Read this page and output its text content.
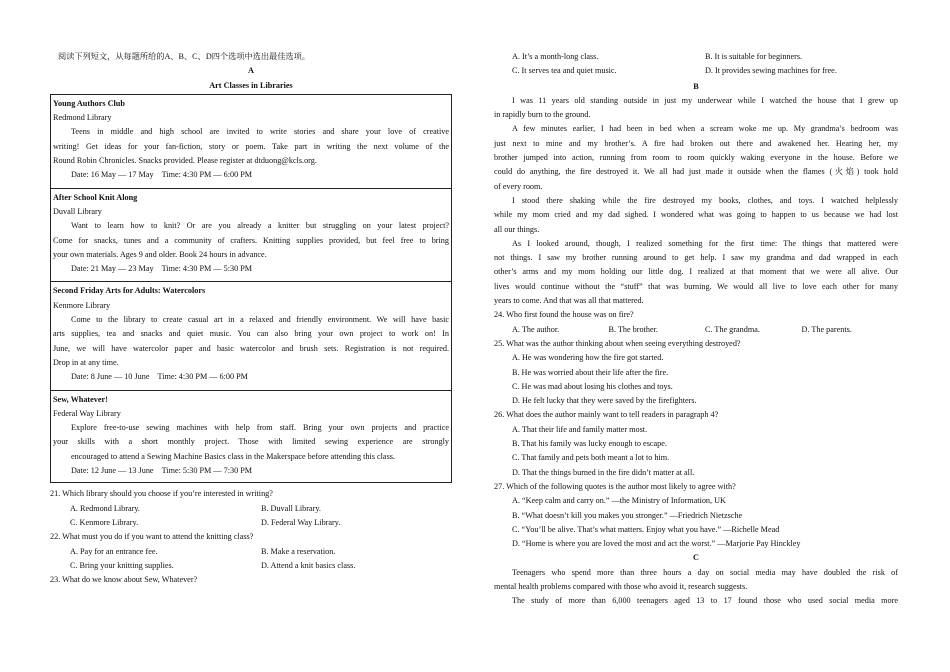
阅读下列短文，从每题所给的A、B、C、D四个选项中选出最佳选项。
A
Art Classes in Libraries
Young Authors Club
Redmond Library
Teens in middle and high school are invited to write stories and share your love of creative
writing! Get ideas for your fan-fiction, story or poem. Take part in writing the next volume of the
Round Robin Chronicles. Snacks provided. Please register at dtduong@kcls.org.
Date: 16 May — 17 May    Time: 4:30 PM — 6:00 PM
After School Knit Along
Duvall Library
Want to learn how to knit? Or are you already a knitter but struggling on your latest project?
Come for snacks, tunes and a community of crafters. Knitting supplies provided, but feel free to bring
your own materials. Ages 9 and older. Book 24 hours in advance.
Date: 21 May — 23 May    Time: 4:30 PM — 5:30 PM
Second Friday Arts for Adults: Watercolors
Kenmore Library
Come to the library to create casual art in a relaxed and friendly environment. We will have basic
arts supplies, tea and snacks and quiet music. You can also bring your own project to work on! In
June, we will have watercolor paper and basic watercolor and brush sets. Registration is not required.
Drop in at any time.
Date: 8 June — 10 June    Time: 4:30 PM — 6:00 PM
Sew, Whatever!
Federal Way Library
Explore free-to-use sewing machines with help from staff. Bring your own projects and practice
your skills with a short monthly project. Those with limited sewing experience are strongly
encouraged to attend a Sewing Machine Basics class in the Makerspace before attending this class.
Date: 12 June — 13 June    Time: 5:30 PM — 7:30 PM
21. Which library should you choose if you’re interested in writing?
A. Redmond Library.	B. Duvall Library.
C. Kenmore Library.	D. Federal Way Library.
22. What must you do if you want to attend the knitting class?
A. Pay for an entrance fee.	B. Make a reservation.
C. Bring your knitting supplies.	D. Attend a knit basics class.
23. What do we know about Sew, Whatever?
A. It’s a month-long class.	B. It is suitable for beginners.
C. It serves tea and quiet music.	D. It provides sewing machines for free.
B
I was 11 years old standing outside in just my underwear while I watched the house that I grew up
in rapidly burn to the ground.
A few minutes earlier, I had been in bed when a scream woke me up. My grandma’s bedroom was
just next to mine and my brother’s. A fire had broken out there and awakened her. Hearing her, my
brother jumped into action, running from room to room quickly waking everyone in the house. Before we
could do anything, the fire destroyed it. We all had just made it outside when the flames (火焰) took hold
of every room.
I stood there shaking while the fire destroyed my books, clothes, and toys. I watched helplessly
while my mom cried and my dad sighed. I wondered what was going to happen to us because we had lost
all our things.
As I looked around, though, I realized something for the first time: The things that mattered were
not things. I saw my brother running around to get help. I saw my grandma and dad wrapped in each
other’s arms and my mom holding our little dog. I realized at that moment that we were all alive. Our
lives would continue without the “stuff” that was burning. We would all live to love each other for many
years to come. And that was all that mattered.
24. Who first found the house was on fire?
A. The author.	B. The brother.	C. The grandma.	D. The parents.
25. What was the author thinking about when seeing everything destroyed?
A. He was wondering how the fire got started.
B. He was worried about their life after the fire.
C. He was mad about losing his clothes and toys.
D. He felt lucky that they were saved by the firefighters.
26. What does the author mainly want to tell readers in paragraph 4?
A. That their life and family matter most.
B. That his family was lucky enough to escape.
C. That family and pets both meant a lot to him.
D. That the things burned in the fire didn’t matter at all.
27. Which of the following quotes is the author most likely to agree with?
A. “Keep calm and carry on.” —the Ministry of Information, UK
B. “What doesn’t kill you makes you stronger.” —Friedrich Nietzsche
C. “You’ll be alive. That’s what matters. Enjoy what you have.” —Richelle Mead
D. “Home is where you are loved the most and act the worst.” —Marjorie Pay Hinckley
C
Teenagers who spend more than three hours a day on social media may have doubled the risk of
mental health problems compared with those who avoid it, research suggests.
The study of more than 6,000 teenagers aged 13 to 17 found those who used social media more
